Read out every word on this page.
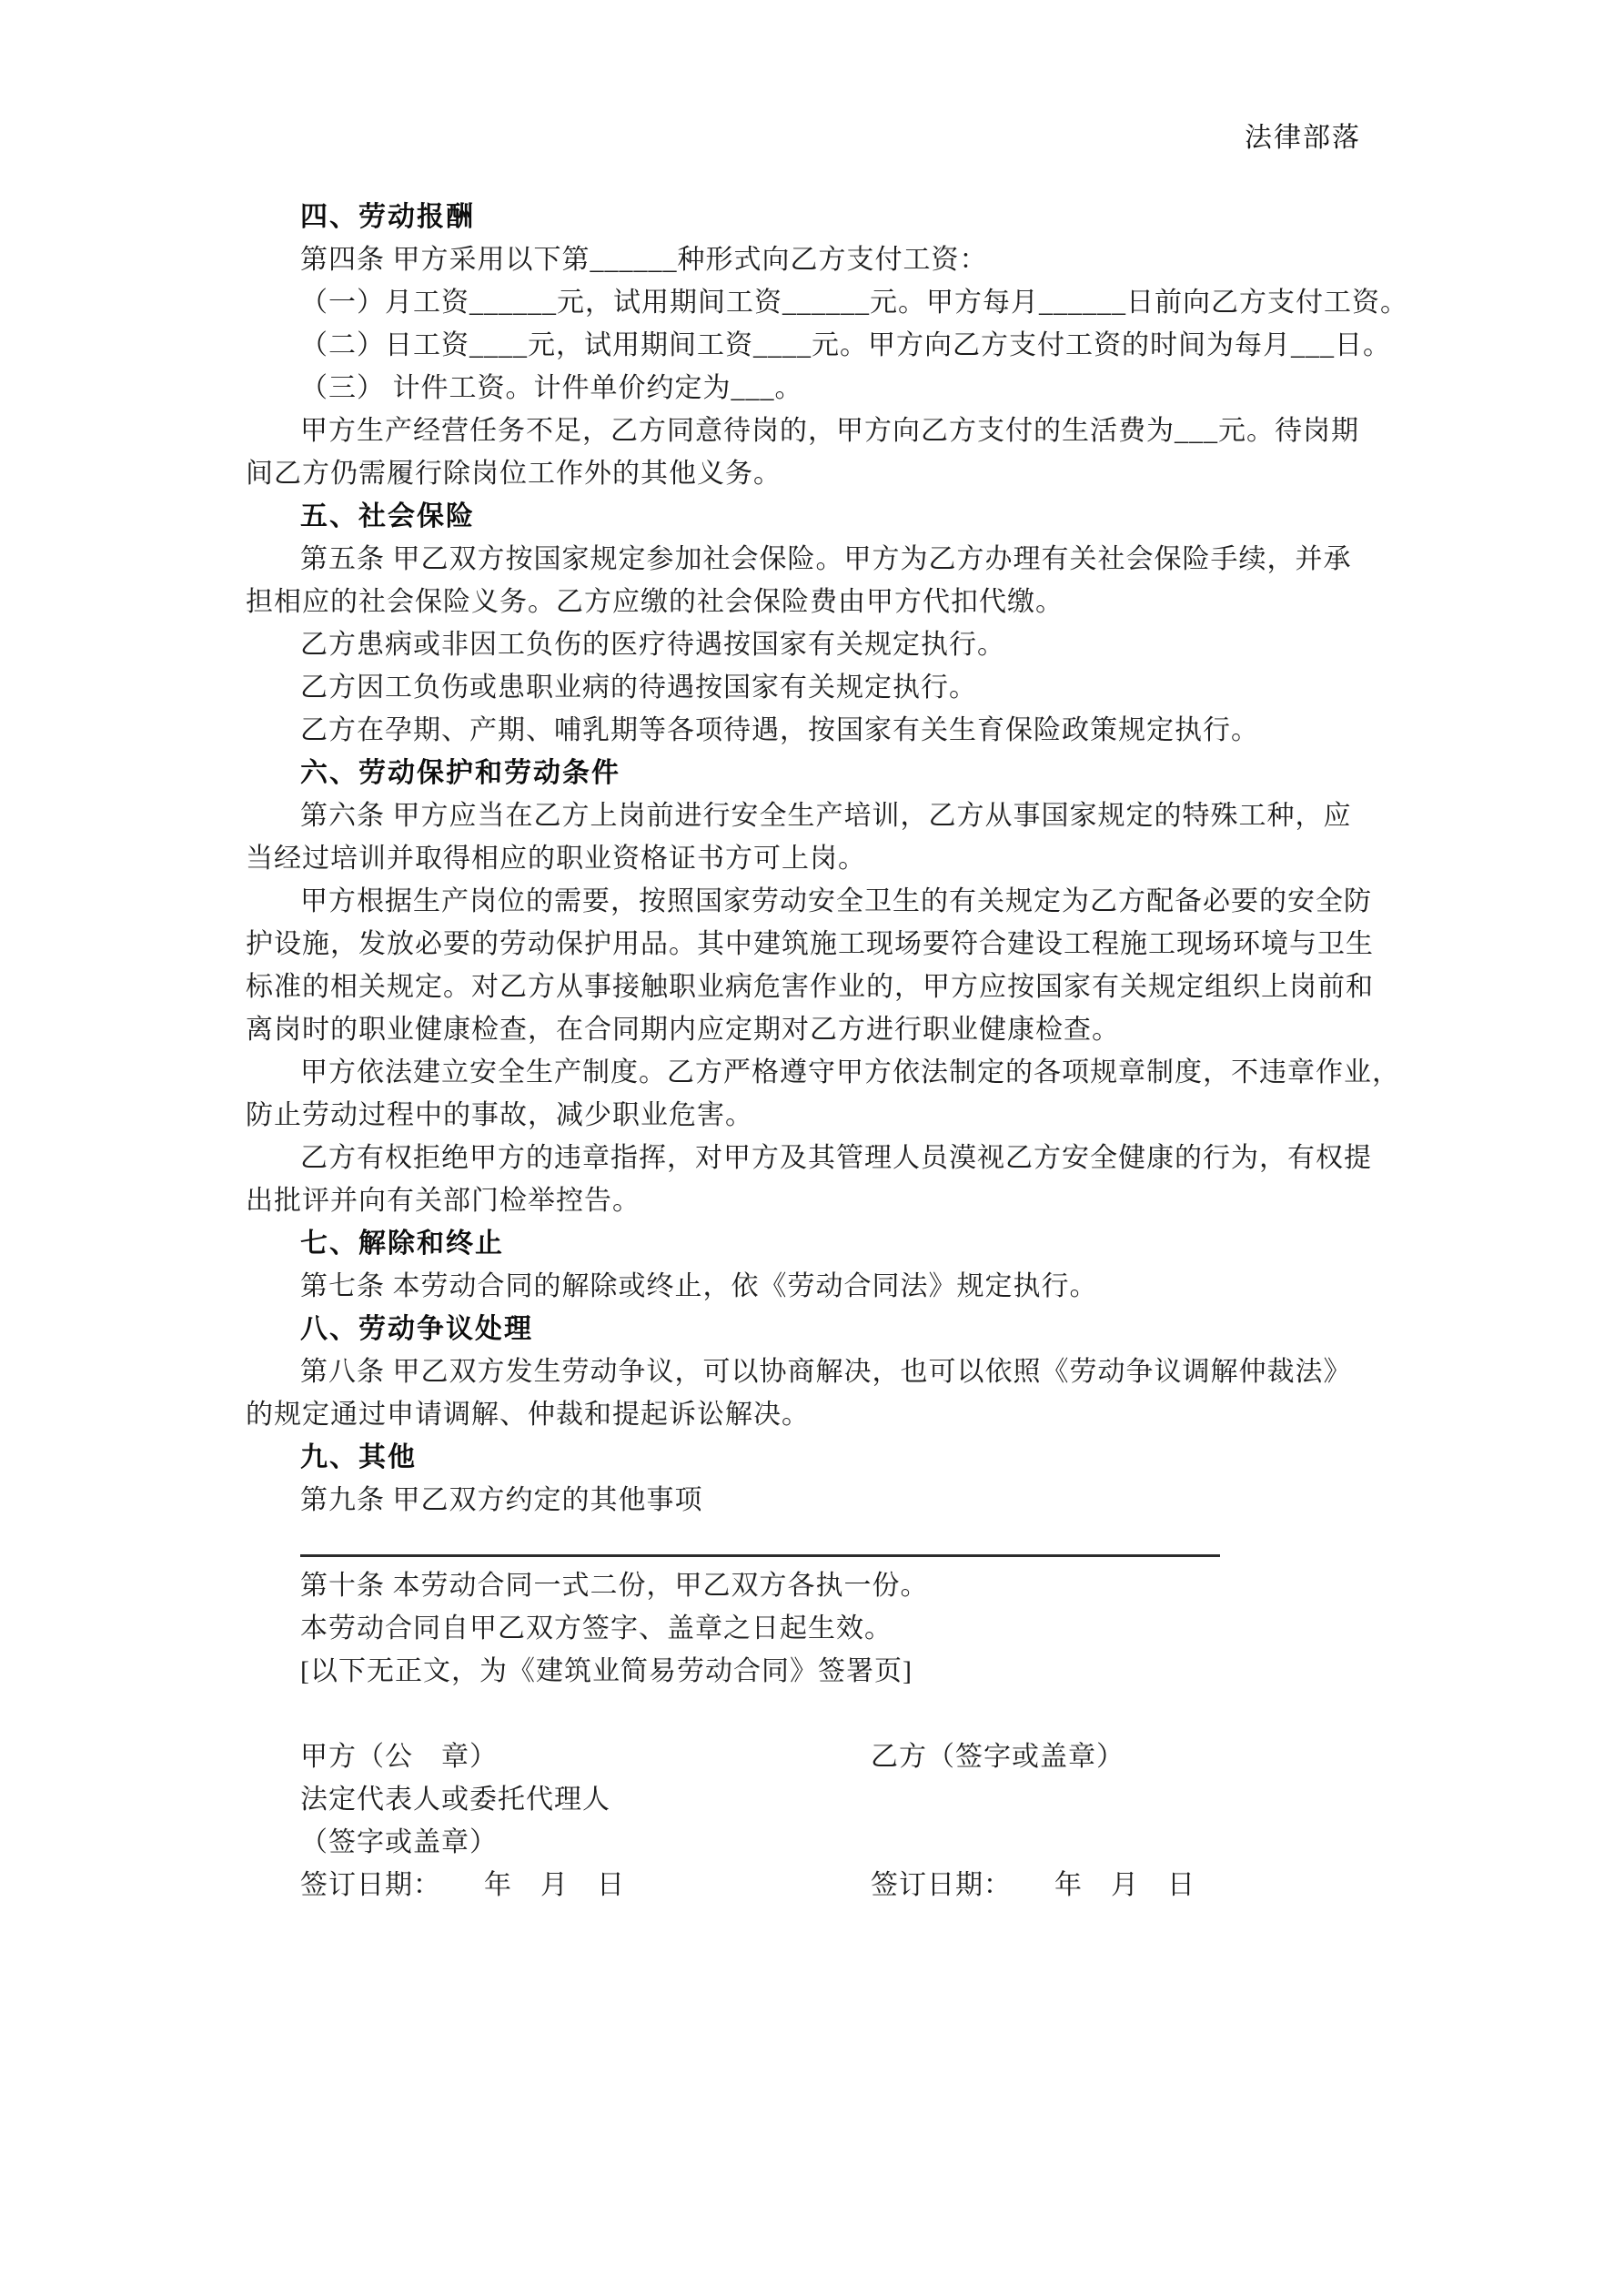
法律部落
四、劳动报酬
第四条 甲方采用以下第______种形式向乙方支付工资：
（一）月工资______元，试用期间工资______元。甲方每月______日前向乙方支付工资。
（二）日工资____元，试用期间工资____元。甲方向乙方支付工资的时间为每月___日。
（三） 计件工资。计件单价约定为___。
甲方生产经营任务不足，乙方同意待岗的，甲方向乙方支付的生活费为___元。待岗期
间乙方仍需履行除岗位工作外的其他义务。
五、社会保险
第五条 甲乙双方按国家规定参加社会保险。甲方为乙方办理有关社会保险手续，并承
担相应的社会保险义务。乙方应缴的社会保险费由甲方代扣代缴。
乙方患病或非因工负伤的医疗待遇按国家有关规定执行。
乙方因工负伤或患职业病的待遇按国家有关规定执行。
乙方在孕期、产期、哺乳期等各项待遇，按国家有关生育保险政策规定执行。
六、劳动保护和劳动条件
第六条 甲方应当在乙方上岗前进行安全生产培训，乙方从事国家规定的特殊工种，应
当经过培训并取得相应的职业资格证书方可上岗。
甲方根据生产岗位的需要，按照国家劳动安全卫生的有关规定为乙方配备必要的安全防
护设施，发放必要的劳动保护用品。其中建筑施工现场要符合建设工程施工现场环境与卫生
标准的相关规定。对乙方从事接触职业病危害作业的，甲方应按国家有关规定组织上岗前和
离岗时的职业健康检查，在合同期内应定期对乙方进行职业健康检查。
甲方依法建立安全生产制度。乙方严格遵守甲方依法制定的各项规章制度，不违章作业，
防止劳动过程中的事故，减少职业危害。
乙方有权拒绝甲方的违章指挥，对甲方及其管理人员漠视乙方安全健康的行为，有权提
出批评并向有关部门检举控告。
七、解除和终止
第七条 本劳动合同的解除或终止，依《劳动合同法》规定执行。
八、劳动争议处理
第八条 甲乙双方发生劳动争议，可以协商解决，也可以依照《劳动争议调解仲裁法》
的规定通过申请调解、仲裁和提起诉讼解决。
九、其他
第九条 甲乙双方约定的其他事项
第十条 本劳动合同一式二份，甲乙双方各执一份。
本劳动合同自甲乙双方签字、盖章之日起生效。
[以下无正文，为《建筑业简易劳动合同》签署页]
甲方（公　章）	乙方（签字或盖章）
法定代表人或委托代理人
（签字或盖章）
签订日期：　　年　月　日	签订日期：　　年　月　日
